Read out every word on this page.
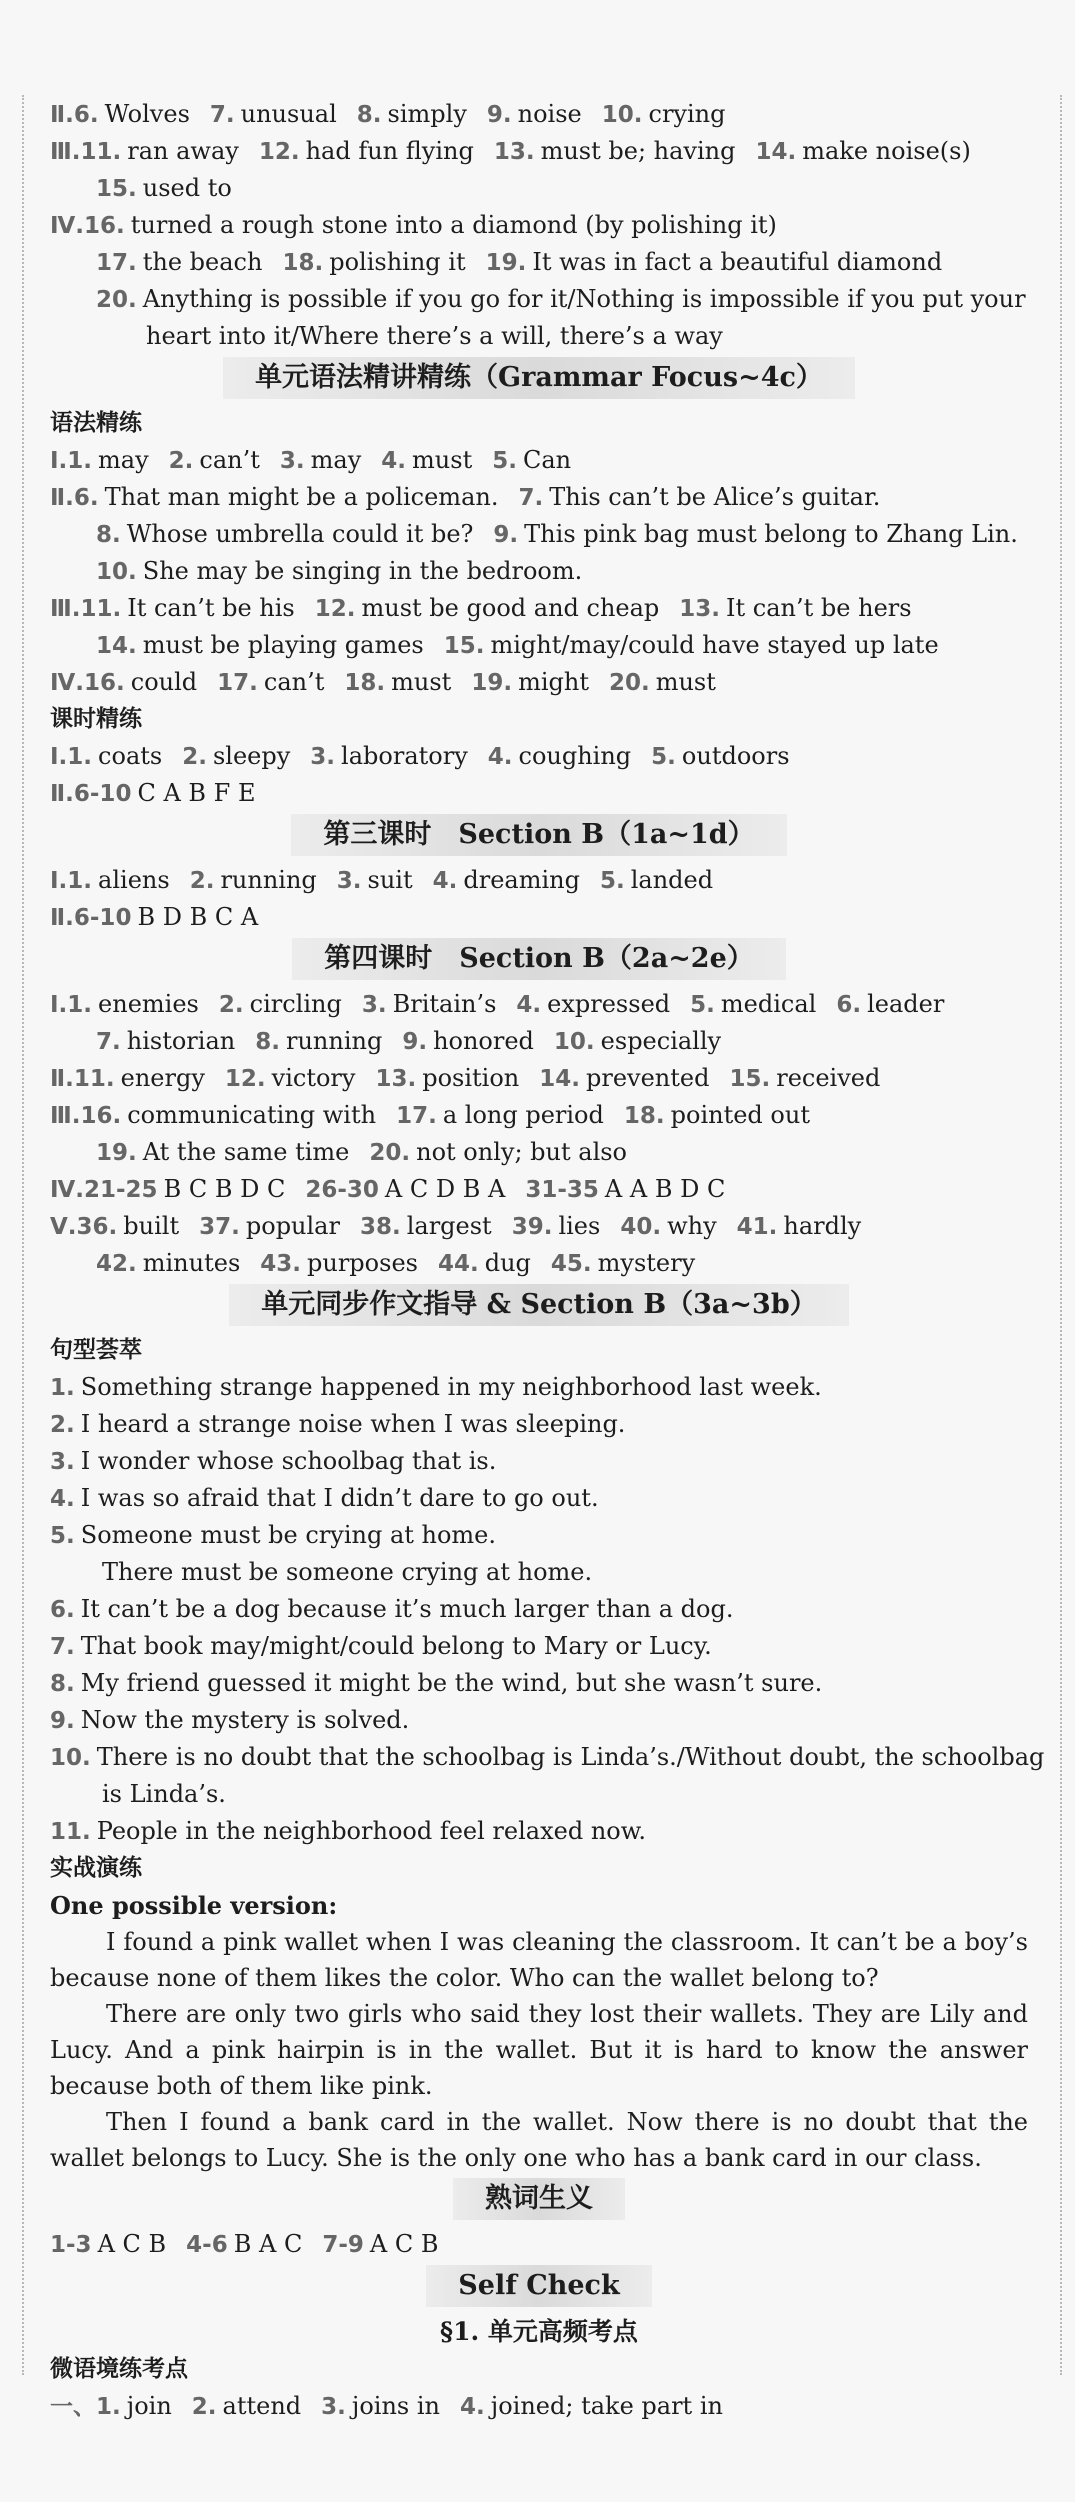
Ⅱ.6. Wolves 7. unusual 8. simply 9. noise 10. crying
Ⅲ.11. ran away 12. had fun flying 13. must be; having 14. make noise(s)
15. used to
Ⅳ.16. turned a rough stone into a diamond (by polishing it)
17. the beach 18. polishing it 19. It was in fact a beautiful diamond
20. Anything is possible if you go for it/Nothing is impossible if you put your
heart into it/Where there’s a will, there’s a way
单元语法精讲精练（Grammar Focus~4c）
语法精练
Ⅰ.1. may 2. can’t 3. may 4. must 5. Can
Ⅱ.6. That man might be a policeman. 7. This can’t be Alice’s guitar.
8. Whose umbrella could it be? 9. This pink bag must belong to Zhang Lin.
10. She may be singing in the bedroom.
Ⅲ.11. It can’t be his 12. must be good and cheap 13. It can’t be hers
14. must be playing games 15. might/may/could have stayed up late
Ⅳ.16. could 17. can’t 18. must 19. might 20. must
课时精练
Ⅰ.1. coats 2. sleepy 3. laboratory 4. coughing 5. outdoors
Ⅱ.6-10 C A B F E
第三课时　Section B（1a~1d）
Ⅰ.1. aliens 2. running 3. suit 4. dreaming 5. landed
Ⅱ.6-10 B D B C A
第四课时　Section B（2a~2e）
Ⅰ.1. enemies 2. circling 3. Britain’s 4. expressed 5. medical 6. leader
7. historian 8. running 9. honored 10. especially
Ⅱ.11. energy 12. victory 13. position 14. prevented 15. received
Ⅲ.16. communicating with 17. a long period 18. pointed out
19. At the same time 20. not only; but also
Ⅳ.21-25 B C B D C 26-30 A C D B A 31-35 A A B D C
Ⅴ.36. built 37. popular 38. largest 39. lies 40. why 41. hardly
42. minutes 43. purposes 44. dug 45. mystery
单元同步作文指导 & Section B（3a~3b）
句型荟萃
1. Something strange happened in my neighborhood last week.
2. I heard a strange noise when I was sleeping.
3. I wonder whose schoolbag that is.
4. I was so afraid that I didn’t dare to go out.
5. Someone must be crying at home.
There must be someone crying at home.
6. It can’t be a dog because it’s much larger than a dog.
7. That book may/might/could belong to Mary or Lucy.
8. My friend guessed it might be the wind, but she wasn’t sure.
9. Now the mystery is solved.
10. There is no doubt that the schoolbag is Linda’s./Without doubt, the schoolbag
is Linda’s.
11. People in the neighborhood feel relaxed now.
实战演练
One possible version:
I found a pink wallet when I was cleaning the classroom. It can’t be a boy’s because none of them likes the color. Who can the wallet belong to?
There are only two girls who said they lost their wallets. They are Lily and Lucy. And a pink hairpin is in the wallet. But it is hard to know the answer because both of them like pink.
Then I found a bank card in the wallet. Now there is no doubt that the wallet belongs to Lucy. She is the only one who has a bank card in our class.
熟词生义
1-3 A C B 4-6 B A C 7-9 A C B
Self Check
§1. 单元高频考点
微语境练考点
一、1. join 2. attend 3. joins in 4. joined; take part in
